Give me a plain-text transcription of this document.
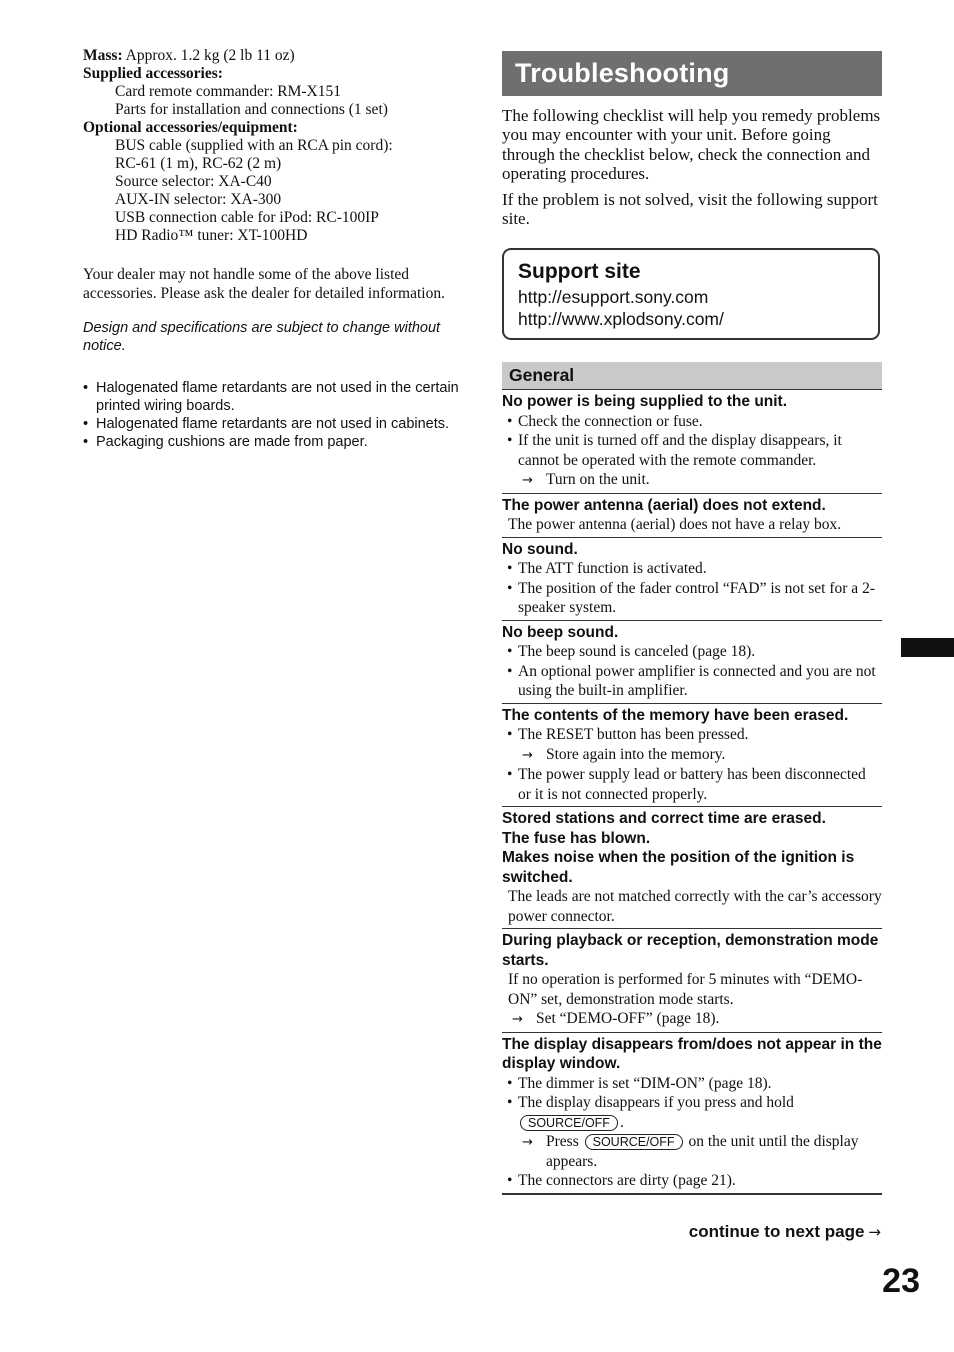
Mass: Approx. 1.2 kg (2 lb 11 oz)

Supplied accessories:

Card remote commander: RM-X151

Parts for installation and connections (1 set)

Optional accessories/equipment:

BUS cable (supplied with an RCA pin cord):

RC-61 (1 m), RC-62 (2 m)

Source selector: XA-C40

AUX-IN selector: XA-300

USB connection cable for iPod: RC-100IP

HD Radio™ tuner: XT-100HD

Your dealer may not handle some of the above listed accessories. Please ask the dealer for detailed information.

Design and specifications are subject to change without notice.

• Halogenated flame retardants are not used in the certain printed wiring boards.
• Halogenated flame retardants are not used in cabinets.
• Packaging cushions are made from paper.
Troubleshooting

The following checklist will help you remedy problems you may encounter with your unit. Before going through the checklist below, check the connection and operating procedures.

If the problem is not solved, visit the following support site.

Support site
http://esupport.sony.com
http://www.xplodsony.com/
General
No power is being supplied to the unit.
• Check the connection or fuse.
• If the unit is turned off and the display disappears, it cannot be operated with the remote commander.
→
Turn on the unit.
The power antenna (aerial) does not extend.
The power antenna (aerial) does not have a relay box.
No sound.
• The ATT function is activated.
• The position of the fader control “FAD” is not set for a 2-speaker system.
No beep sound.
• The beep sound is canceled (page 18).
• An optional power amplifier is connected and you are not using the built-in amplifier.
The contents of the memory have been erased.
• The RESET button has been pressed.
→
Store again into the memory.
• The power supply lead or battery has been disconnected or it is not connected properly.
Stored stations and correct time are erased.
The fuse has blown.
Makes noise when the position of the ignition is switched.
The leads are not matched correctly with the car’s accessory power connector.
During playback or reception, demonstration mode starts.
If no operation is performed for 5 minutes with “DEMO-ON” set, demonstration mode starts.
→
Set “DEMO-OFF” (page 18).
The display disappears from/does not appear in the display window.
• The dimmer is set “DIM-ON” (page 18).
• The display disappears if you press and hold
SOURCE/OFF .
→
Press SOURCE/OFF on the unit until the display appears.
• The connectors are dirty (page 21).
continue to next page →
23
